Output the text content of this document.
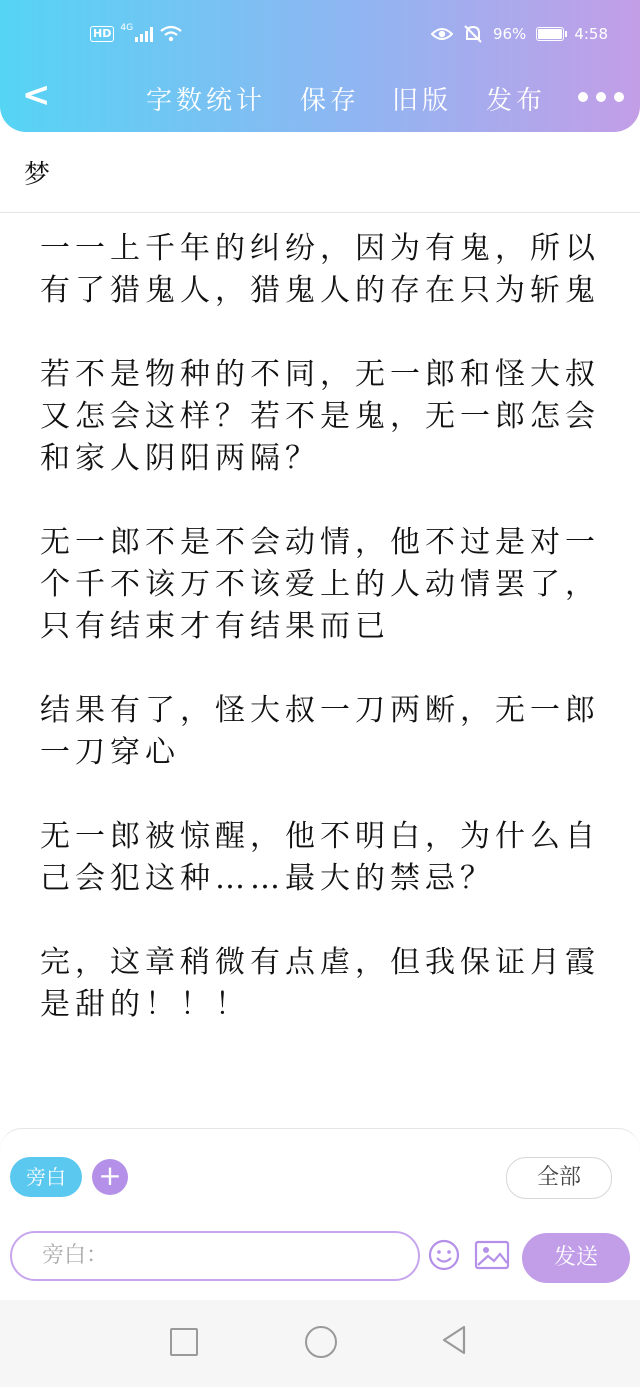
HD	4G	96%	4:58
<	字数统计 保存 旧版 发布
梦

一一上千年的纠纷，因为有鬼，所以有了猎鬼人，猎鬼人的存在只为斩鬼

若不是物种的不同，无一郎和怪大叔又怎会这样？若不是鬼，无一郎怎会和家人阴阳两隔？

无一郎不是不会动情，他不过是对一个千不该万不该爱上的人动情罢了，只有结束才有结果而已

结果有了，怪大叔一刀两断，无一郎一刀穿心

无一郎被惊醒，他不明白，为什么自己会犯这种……最大的禁忌？

完，这章稍微有点虐，但我保证月霞是甜的！！！

旁白	+	全部
旁白：	发送
